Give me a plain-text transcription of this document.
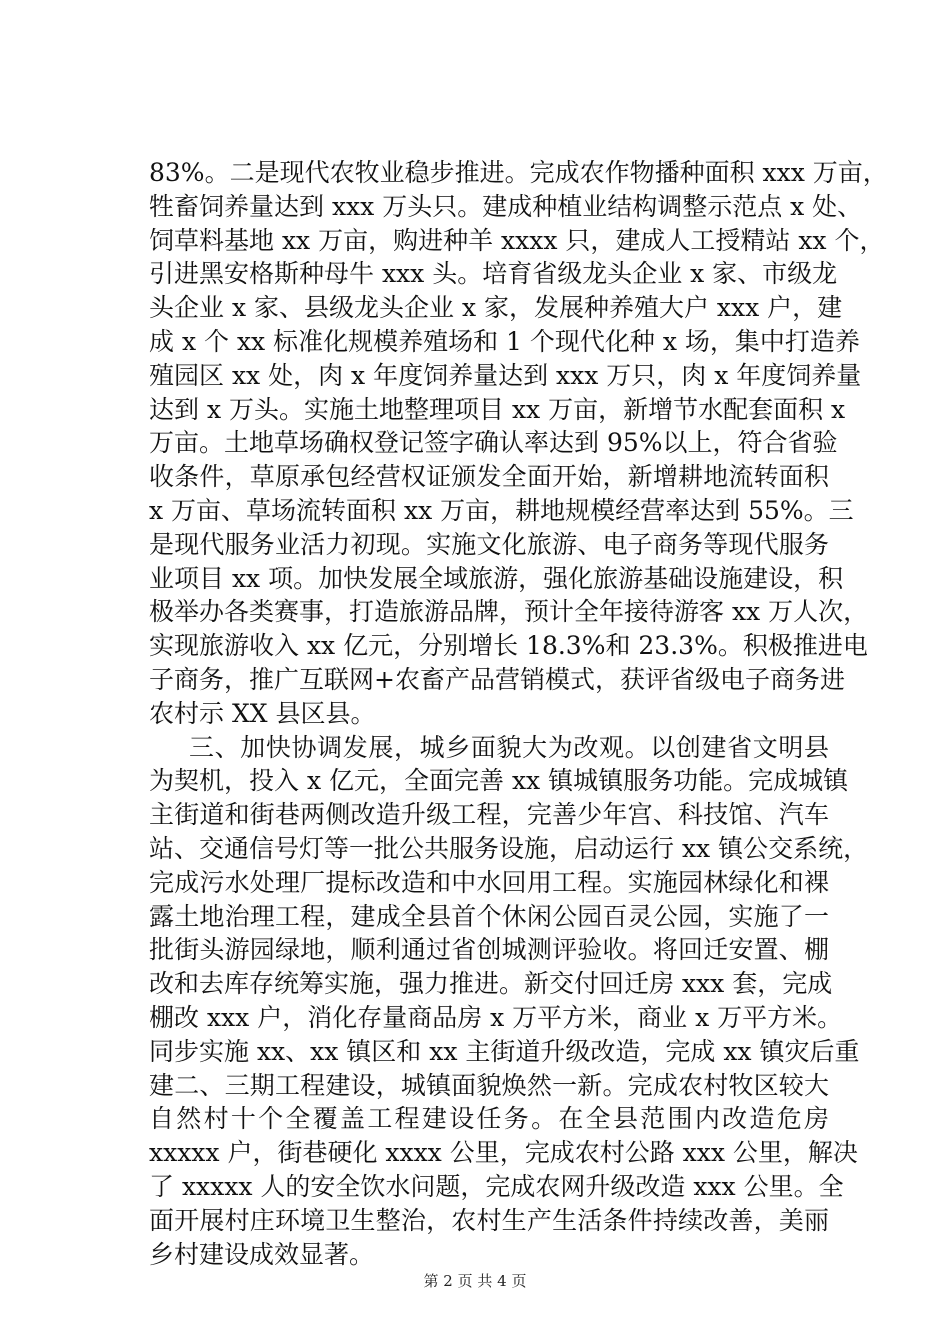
83%。二是现代农牧业稳步推进。完成农作物播种面积 xxx 万亩，
牲畜饲养量达到 xxx 万头只。建成种植业结构调整示范点 x 处、
饲草料基地 xx 万亩，购进种羊 xxxx 只，建成人工授精站 xx 个，
引进黑安格斯种母牛 xxx 头。培育省级龙头企业 x 家、市级龙
头企业 x 家、县级龙头企业 x 家，发展种养殖大户 xxx 户，建
成 x 个 xx 标准化规模养殖场和 1 个现代化种 x 场，集中打造养
殖园区 xx 处，肉 x 年度饲养量达到 xxx 万只，肉 x 年度饲养量
达到 x 万头。实施土地整理项目 xx 万亩，新增节水配套面积 x
万亩。土地草场确权登记签字确认率达到 95%以上，符合省验
收条件，草原承包经营权证颁发全面开始，新增耕地流转面积
x 万亩、草场流转面积 xx 万亩，耕地规模经营率达到 55%。三
是现代服务业活力初现。实施文化旅游、电子商务等现代服务
业项目 xx 项。加快发展全域旅游，强化旅游基础设施建设，积
极举办各类赛事，打造旅游品牌，预计全年接待游客 xx 万人次，
实现旅游收入 xx 亿元，分别增长 18.3%和 23.3%。积极推进电
子商务，推广互联网+农畜产品营销模式，获评省级电子商务进
农村示 XX 县区县。
三、加快协调发展，城乡面貌大为改观。以创建省文明县
为契机，投入 x 亿元，全面完善 xx 镇城镇服务功能。完成城镇
主街道和街巷两侧改造升级工程，完善少年宫、科技馆、汽车
站、交通信号灯等一批公共服务设施，启动运行 xx 镇公交系统，
完成污水处理厂提标改造和中水回用工程。实施园林绿化和裸
露土地治理工程，建成全县首个休闲公园百灵公园，实施了一
批街头游园绿地，顺利通过省创城测评验收。将回迁安置、棚
改和去库存统筹实施，强力推进。新交付回迁房 xxx 套，完成
棚改 xxx 户，消化存量商品房 x 万平方米，商业 x 万平方米。
同步实施 xx、xx 镇区和 xx 主街道升级改造，完成 xx 镇灾后重
建二、三期工程建设，城镇面貌焕然一新。完成农村牧区较大
自然村十个全覆盖工程建设任务。在全县范围内改造危房
xxxxx 户，街巷硬化 xxxx 公里，完成农村公路 xxx 公里，解决
了 xxxxx 人的安全饮水问题，完成农网升级改造 xxx 公里。全
面开展村庄环境卫生整治，农村生产生活条件持续改善，美丽
乡村建设成效显著。
第 2 页 共 4 页
